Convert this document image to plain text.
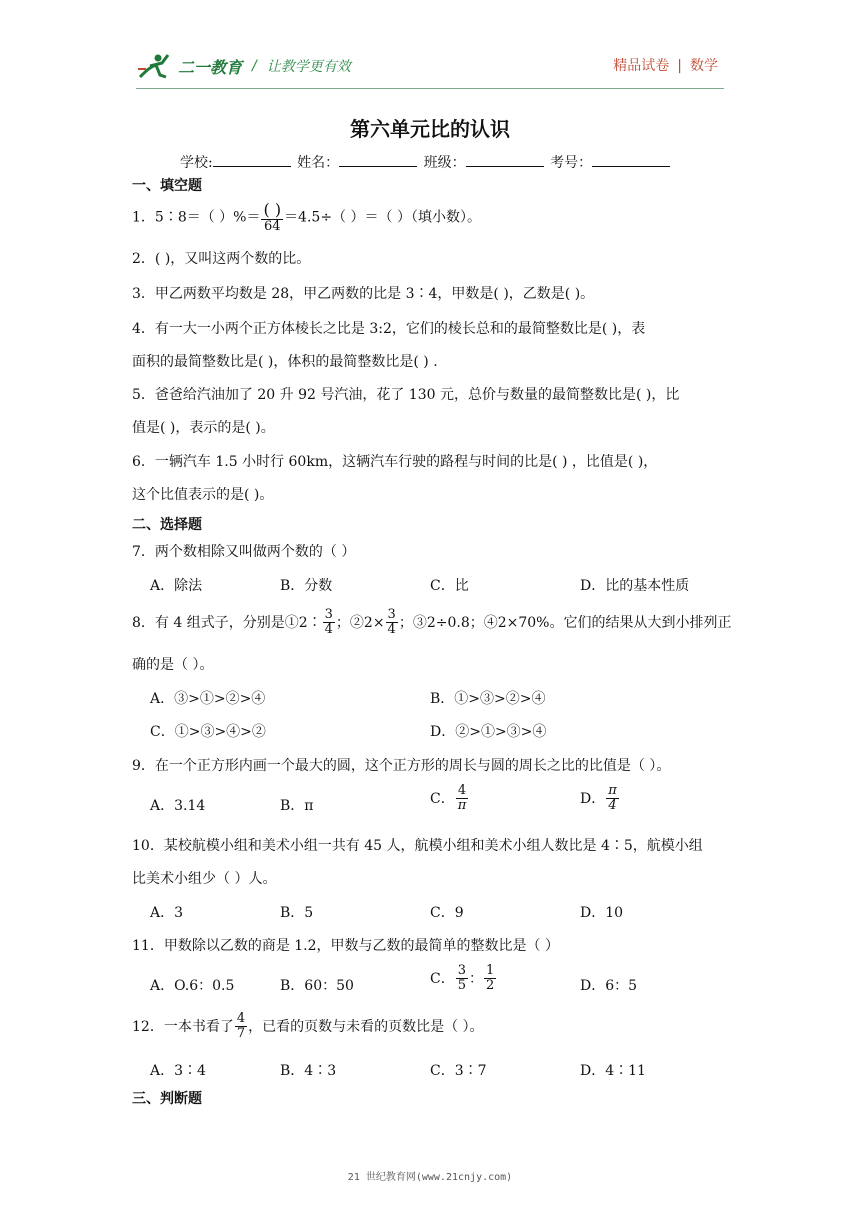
二一教育 / 让教学更有效	精品试卷 | 数学
第六单元比的认识
学校:	姓名：	班级：	考号：
一、填空题
1．5∶8＝（ ）%＝ $\frac{( )}{64} =4.5\div$（ ）＝（ ）（填小数）。
2．( )，又叫这两个数的比。
3．甲乙两数平均数是 28，甲乙两数的比是 3∶4，甲数是( )，乙数是( )。
4．有一大一小两个正方体棱长之比是 3:2，它们的棱长总和的最简整数比是( )，表
面积的最简整数比是( )，体积的最简整数比是( ) .
5．爸爸给汽油加了 20 升 92 号汽油，花了 130 元，总价与数量的最简整数比是( )，比
值是( )，表示的是( )。
6．一辆汽车 1.5 小时行 60km，这辆汽车行驶的路程与时间的比是( ) ，比值是( )，
这个比值表示的是( )。
二、选择题
7．两个数相除又叫做两个数的（ ）
A．除法	B．分数	C．比	D．比的基本性质
8．有 4 组式子，分别是①2∶ $\frac{3}{4}$ ；②2× $\frac{3}{4}$ ；③2÷0.8；④2×70%。它们的结果从大到小排列正
确的是（ ）。
A．③>①>②>④	B．①>③>②>④
C．①>③>④>②	D．②>①>③>④
9．在一个正方形内画一个最大的圆，这个正方形的周长与圆的周长之比的比值是（ ）。
A．3.14	B．π	C． $\frac{4}{\pi}$	D． $\frac{\pi}{4}$
10．某校航模小组和美术小组一共有 45 人，航模小组和美术小组人数比是 4∶5，航模小组
比美术小组少（ ）人。
A．3	B．5	C．9	D．10
11．甲数除以乙数的商是 1.2，甲数与乙数的最简单的整数比是（ ）
A．O.6：0.5	B．60：50	C． $\frac{3}{5}$ ： $\frac{1}{2}$	D．6：5
12．一本书看了 $\frac{4}{7}$ ，已看的页数与未看的页数比是（ ）。
A．3∶4	B．4∶3	C．3∶7	D．4∶11
三、判断题
21 世纪教育网(www.21cnjy.com)
